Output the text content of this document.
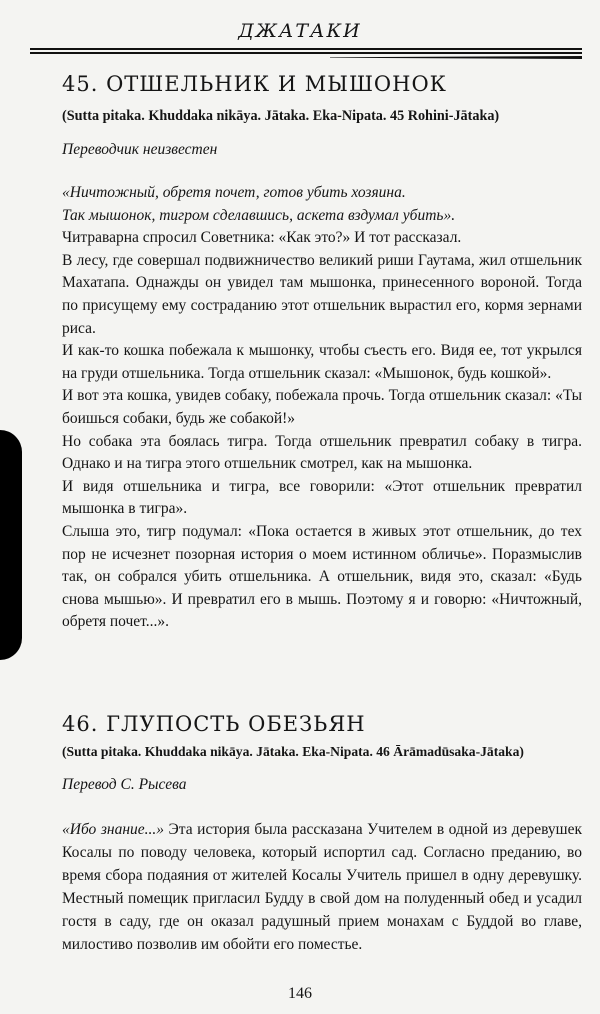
ДЖАТАКИ
45. ОТШЕЛЬНИК И МЫШОНОК
(Sutta pitaka. Khuddaka nikāya. Jātaka. Eka-Nipata. 45 Rohini-Jātaka)
Переводчик неизвестен

«Ничтожный, обретя почет, готов убить хозяина.

Так мышонок, тигром сделавшись, аскета вздумал убить».

Читраварна спросил Советника: «Как это?» И тот рассказал.

В лесу, где совершал подвижничество великий риши Гаутама, жил отшельник Махатапа. Однажды он увидел там мышонка, принесенного вороной. Тогда по присущему ему состраданию этот отшельник вырастил его, кормя зернами риса.

И как-то кошка побежала к мышонку, чтобы съесть его. Видя ее, тот укрылся на груди отшельника. Тогда отшельник сказал: «Мышонок, будь кошкой».

И вот эта кошка, увидев собаку, побежала прочь. Тогда отшельник сказал: «Ты боишься собаки, будь же собакой!»

Но собака эта боялась тигра. Тогда отшельник превратил собаку в тигра. Однако и на тигра этого отшельник смотрел, как на мышонка.

И видя отшельника и тигра, все говорили: «Этот отшельник превратил мышонка в тигра».

Слыша это, тигр подумал: «Пока остается в живых этот отшельник, до тех пор не исчезнет позорная история о моем истинном обличье». Поразмыслив так, он собрался убить отшельника. А отшельник, видя это, сказал: «Будь снова мышью». И превратил его в мышь. Поэтому я и говорю: «Ничтожный, обретя почет...».

46. ГЛУПОСТЬ ОБЕЗЬЯН
(Sutta pitaka. Khuddaka nikāya. Jātaka. Eka-Nipata. 46 Ārāmadūsaka-Jātaka)
Перевод С. Рысева

«Ибо знание...» Эта история была рассказана Учителем в одной из деревушек Косалы по поводу человека, который испортил сад. Согласно преданию, во время сбора подаяния от жителей Косалы Учитель пришел в одну деревушку. Местный помещик пригласил Будду в свой дом на полуденный обед и усадил гостя в саду, где он оказал радушный прием монахам с Буддой во главе, милостиво позволив им обойти его поместье.

146
